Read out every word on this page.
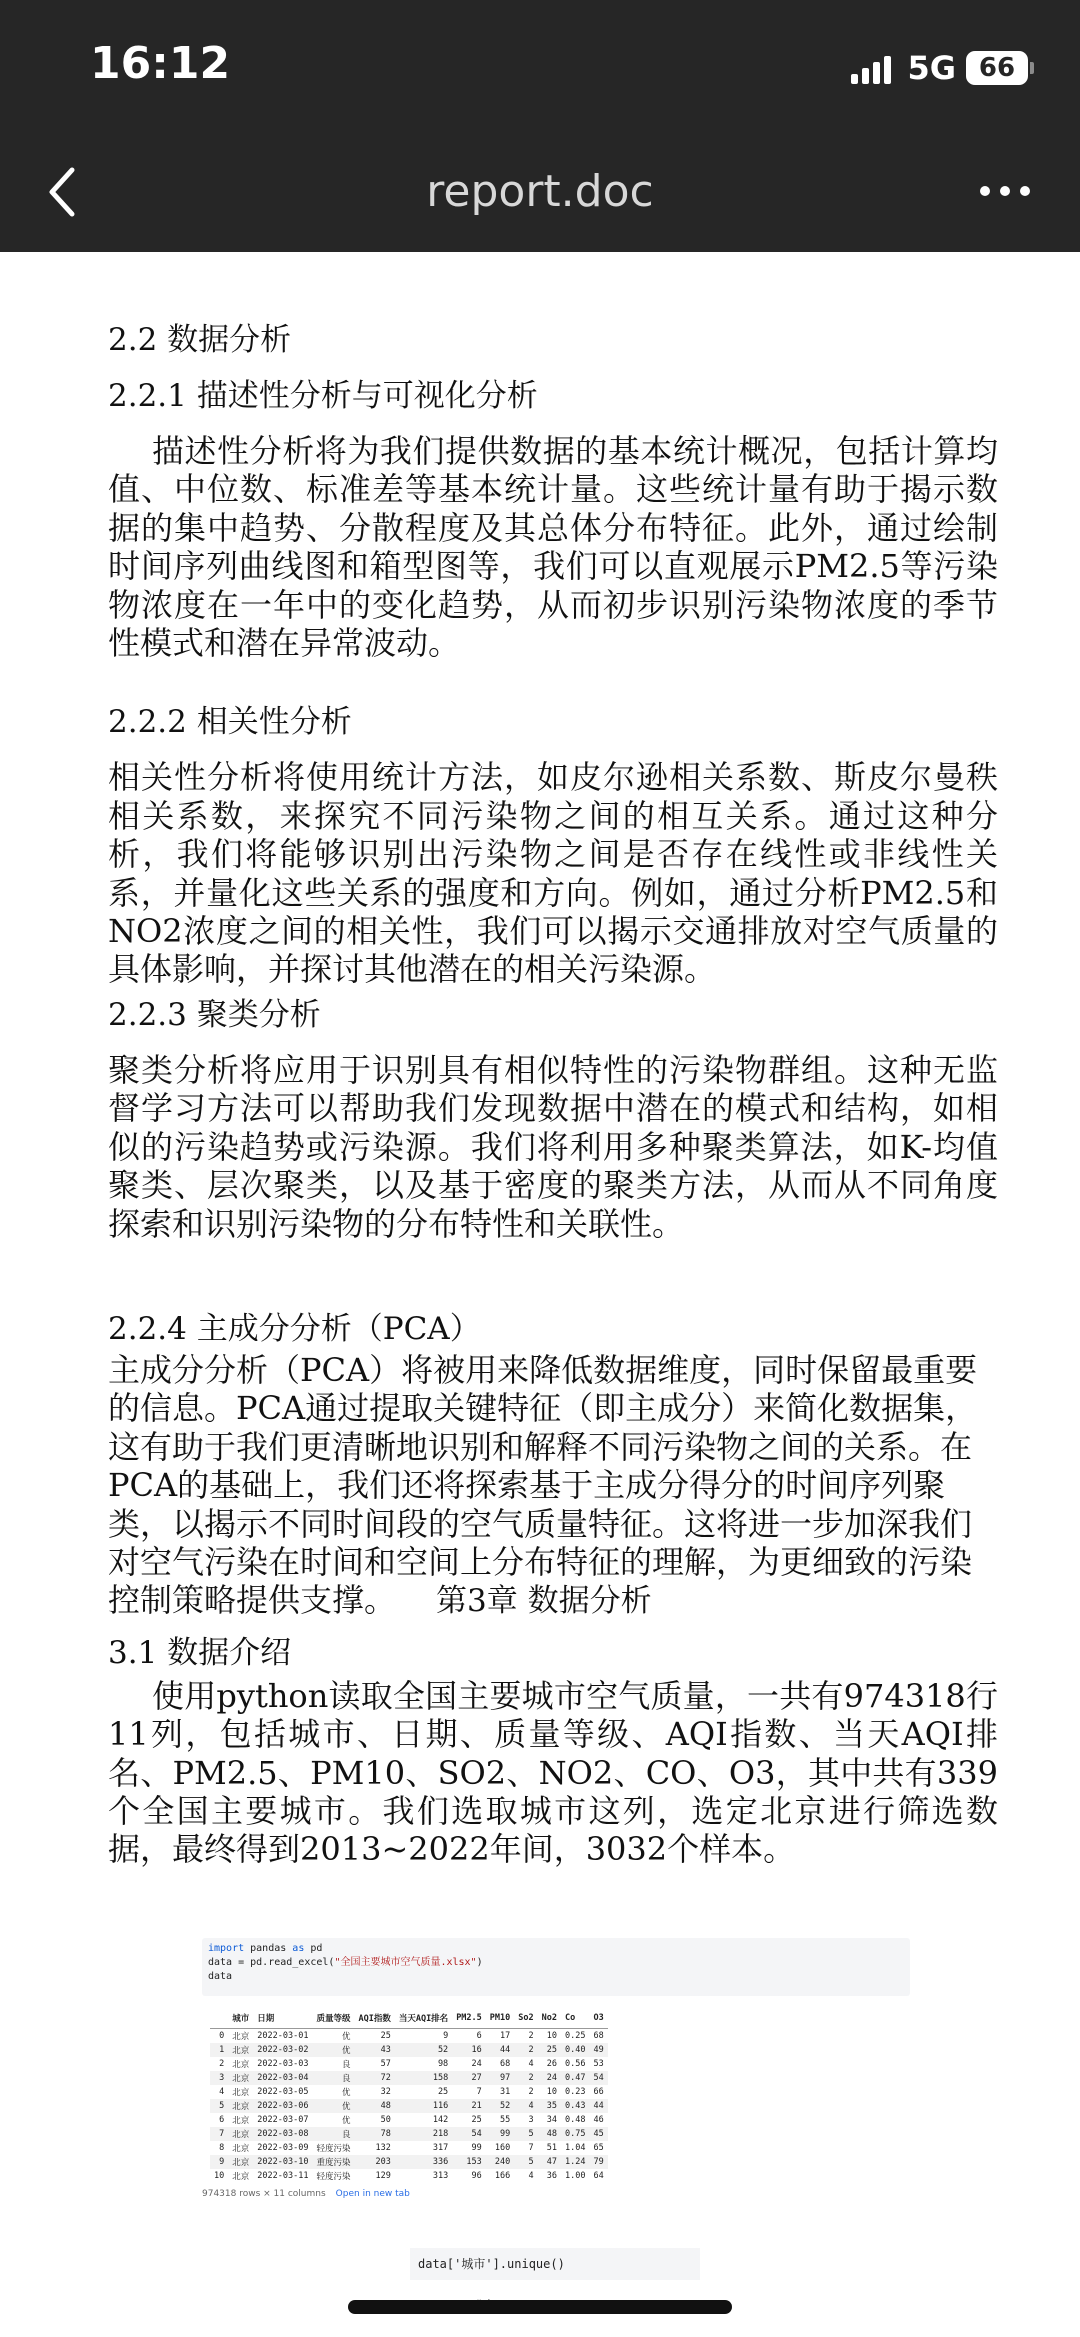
16:12	5G 66
report.doc
2.2 数据分析
2.2.1 描述性分析与可视化分析

描述性分析将为我们提供数据的基本统计概况，包括计算均值、中位数、标准差等基本统计量。这些统计量有助于揭示数据的集中趋势、分散程度及其总体分布特征。此外，通过绘制时间序列曲线图和箱型图等，我们可以直观展示PM2.5等污染物浓度在一年中的变化趋势，从而初步识别污染物浓度的季节性模式和潜在异常波动。

2.2.2 相关性分析

相关性分析将使用统计方法，如皮尔逊相关系数、斯皮尔曼秩相关系数，来探究不同污染物之间的相互关系。通过这种分析，我们将能够识别出污染物之间是否存在线性或非线性关系，并量化这些关系的强度和方向。例如，通过分析PM2.5和NO2浓度之间的相关性，我们可以揭示交通排放对空气质量的具体影响，并探讨其他潜在的相关污染源。

2.2.3 聚类分析

聚类分析将应用于识别具有相似特性的污染物群组。这种无监督学习方法可以帮助我们发现数据中潜在的模式和结构，如相似的污染趋势或污染源。我们将利用多种聚类算法，如K-均值聚类、层次聚类，以及基于密度的聚类方法，从而从不同角度探索和识别污染物的分布特性和关联性。

2.2.4 主成分分析（PCA）

主成分分析（PCA）将被用来降低数据维度，同时保留最重要的信息。PCA通过提取关键特征（即主成分）来简化数据集，这有助于我们更清晰地识别和解释不同污染物之间的关系。在PCA的基础上，我们还将探索基于主成分得分的时间序列聚类，以揭示不同时间段的空气质量特征。这将进一步加深我们对空气污染在时间和空间上分布特征的理解，为更细致的污染控制策略提供支撑。 第3章 数据分析
3.1 数据介绍

使用python读取全国主要城市空气质量，一共有974318行11列，包括城市、日期、质量等级、AQI指数、当天AQI排名、PM2.5、PM10、SO2、NO2、CO、O3，其中共有339个全国主要城市。我们选取城市这列，选定北京进行筛选数据，最终得到2013~2022年间，3032个样本。

import pandas as pd
data = pd.read_excel("全国主要城市空气质量.xlsx")
data
	城市	日期	质量等级	AQI指数	当天AQI排名	PM2.5	PM10	So2	No2	Co	O3
0	北京	2022-03-01	优	25	9	6	17	2	10	0.25	68
1	北京	2022-03-02	优	43	52	16	44	2	25	0.40	49
2	北京	2022-03-03	良	57	98	24	68	4	26	0.56	53
3	北京	2022-03-04	良	72	158	27	97	2	24	0.47	54
4	北京	2022-03-05	优	32	25	7	31	2	10	0.23	66
5	北京	2022-03-06	优	48	116	21	52	4	35	0.43	44
6	北京	2022-03-07	优	50	142	25	55	3	34	0.48	46
7	北京	2022-03-08	良	78	218	54	99	5	48	0.75	45
8	北京	2022-03-09	轻度污染	132	317	99	160	7	51	1.04	65
9	北京	2022-03-10	重度污染	203	336	153	240	5	47	1.24	79
10	北京	2022-03-11	轻度污染	129	313	96	166	4	36	1.00	64
974318 rows × 11 columns Open in new tab
data['城市'].unique()
